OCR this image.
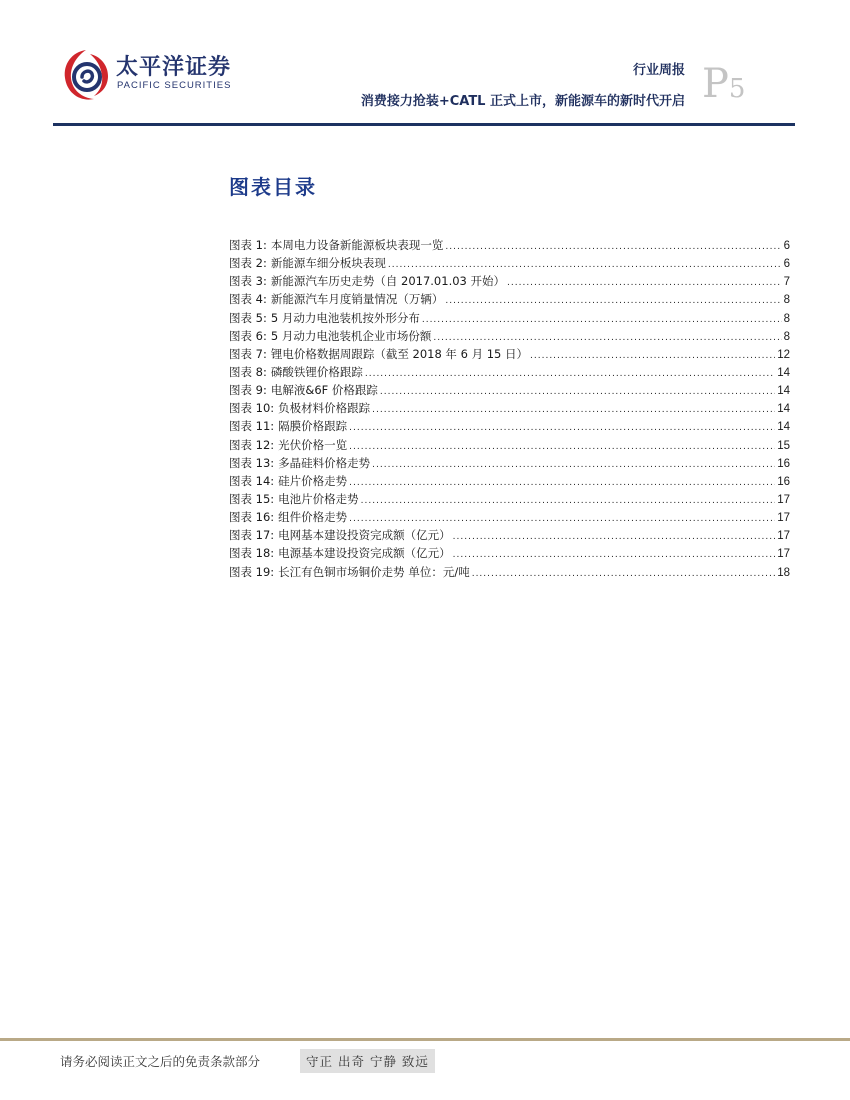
太平洋证券
PACIFIC SECURITIES
行业周报
消费接力抢装+CATL 正式上市，新能源车的新时代开启 P5
图表目录
图表 1: 本周电力设备新能源板块表现一览 .....	6
图表 2: 新能源车细分板块表现 .....	6
图表 3: 新能源汽车历史走势（自 2017.01.03 开始） .....	7
图表 4: 新能源汽车月度销量情况（万辆） .....	8
图表 5: 5 月动力电池装机按外形分布 .....	8
图表 6: 5 月动力电池装机企业市场份额 .....	8
图表 7: 锂电价格数据周跟踪（截至 2018 年 6 月 15 日） .....	12
图表 8: 磷酸铁锂价格跟踪 .....	14
图表 9: 电解液&6F 价格跟踪 .....	14
图表 10: 负极材料价格跟踪 .....	14
图表 11: 隔膜价格跟踪 .....	14
图表 12: 光伏价格一览 .....	15
图表 13: 多晶硅料价格走势 .....	16
图表 14: 硅片价格走势 .....	16
图表 15: 电池片价格走势 .....	17
图表 16: 组件价格走势 .....	17
图表 17: 电网基本建设投资完成额（亿元） .....	17
图表 18: 电源基本建设投资完成额（亿元） .....	17
图表 19: 长江有色铜市场铜价走势 单位：元/吨 .....	18
请务必阅读正文之后的免责条款部分	守正 出奇 宁静 致远
